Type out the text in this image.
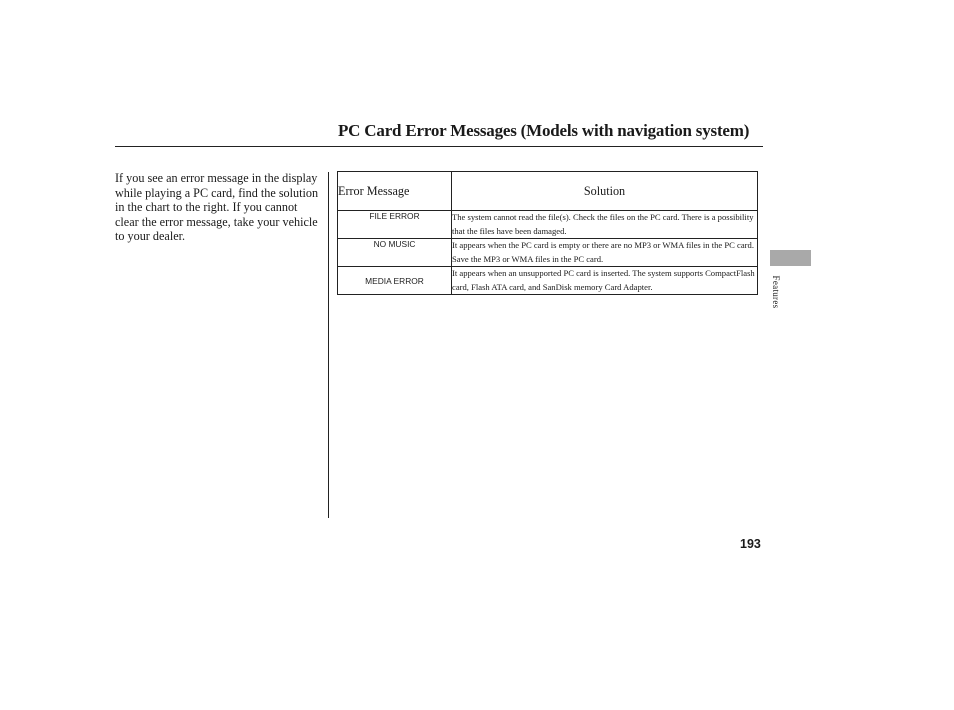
PC Card Error Messages (Models with navigation system)
If you see an error message in the display while playing a PC card, find the solution in the chart to the right. If you cannot clear the error message, take your vehicle to your dealer.
Error Message	Solution
FILE ERROR	The system cannot read the file(s). Check the files on the PC card. There is a possibility that the files have been damaged.
NO MUSIC	It appears when the PC card is empty or there are no MP3 or WMA files in the PC card. Save the MP3 or WMA files in the PC card.
MEDIA ERROR	It appears when an unsupported PC card is inserted. The system supports CompactFlash card, Flash ATA card, and SanDisk memory Card Adapter.	Features
193
